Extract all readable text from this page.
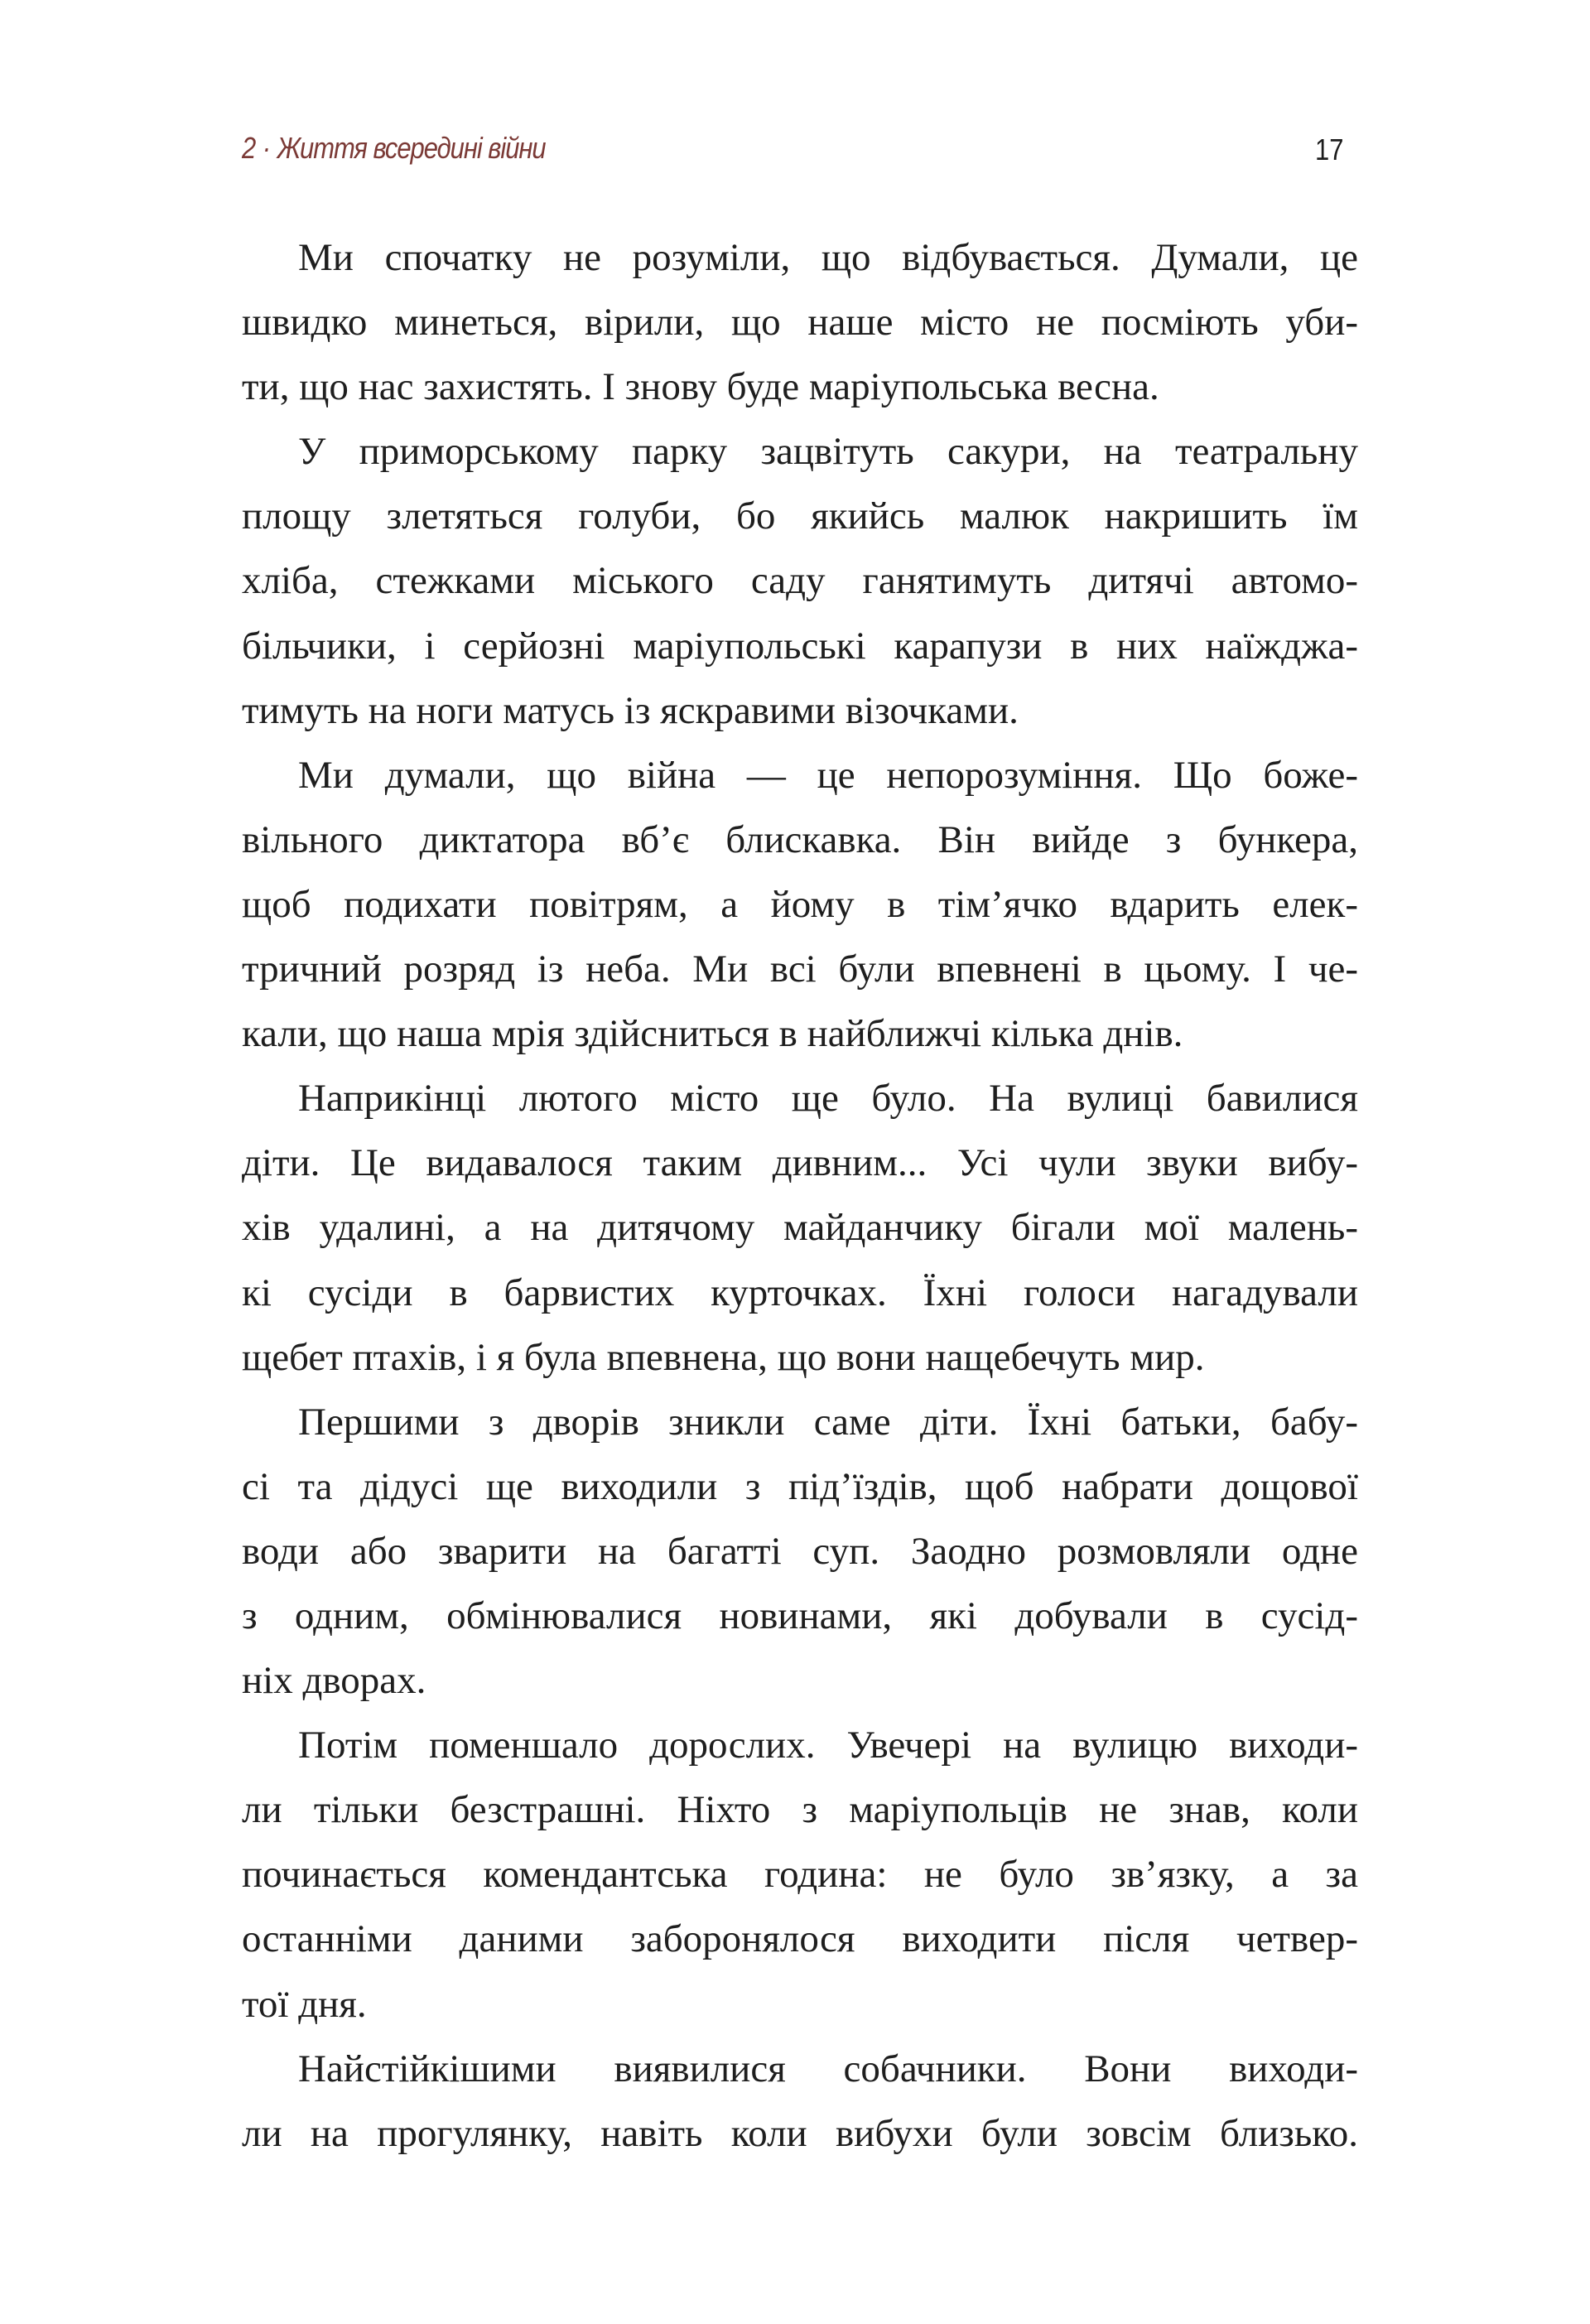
2 · Життя всередині війни	17

Ми спочатку не розуміли, що відбувається. Думали, це
швидко минеться, вірили, що наше місто не посміють уби-
ти, що нас захистять. І знову буде маріупольська весна.

У приморському парку зацвітуть сакури, на театральну
площу злетяться голуби, бо якийсь малюк накришить їм
хліба, стежками міського саду ганятимуть дитячі автомо-
більчики, і серйозні маріупольські карапузи в них наїжджа-
тимуть на ноги матусь із яскравими візочками.

Ми думали, що війна — це непорозуміння. Що боже-
вільного диктатора вб’є блискавка. Він вийде з бункера,
щоб подихати повітрям, а йому в тім’ячко вдарить елек-
тричний розряд із неба. Ми всі були впевнені в цьому. І че-
кали, що наша мрія здійсниться в найближчі кілька днів.

Наприкінці лютого місто ще було. На вулиці бавилися
діти. Це видавалося таким дивним... Усі чули звуки вибу-
хів удалині, а на дитячому майданчику бігали мої малень-
кі сусіди в барвистих курточках. Їхні голоси нагадували
щебет птахів, і я була впевнена, що вони нащебечуть мир.

Першими з дворів зникли саме діти. Їхні батьки, бабу-
сі та дідусі ще виходили з під’їздів, щоб набрати дощової
води або зварити на багатті суп. Заодно розмовляли одне
з одним, обмінювалися новинами, які добували в сусід-
ніх дворах.

Потім поменшало дорослих. Увечері на вулицю виходи-
ли тільки безстрашні. Ніхто з маріупольців не знав, коли
починається комендантська година: не було зв’язку, а за
останніми даними заборонялося виходити після четвер-
тої дня.

Найстійкішими виявилися собачники. Вони виходи-
ли на прогулянку, навіть коли вибухи були зовсім близько.
